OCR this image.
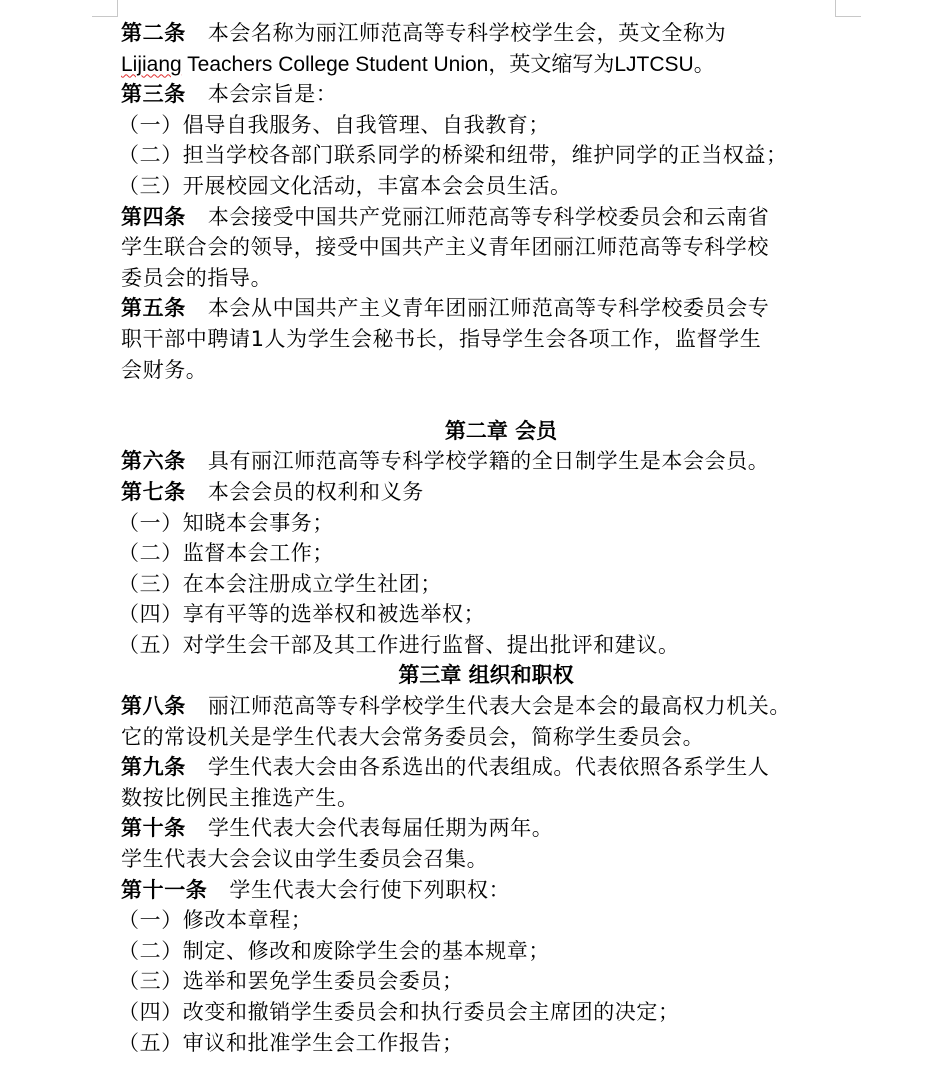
第二条 本会名称为丽江师范高等专科学校学生会，英文全称为
Lijiang Teachers College Student Union，英文缩写为LJTCSU。
第三条 本会宗旨是：
（一）倡导自我服务、自我管理、自我教育；
（二）担当学校各部门联系同学的桥梁和纽带，维护同学的正当权益；
（三）开展校园文化活动，丰富本会会员生活。
第四条 本会接受中国共产党丽江师范高等专科学校委员会和云南省
学生联合会的领导，接受中国共产主义青年团丽江师范高等专科学校
委员会的指导。
第五条 本会从中国共产主义青年团丽江师范高等专科学校委员会专
职干部中聘请1人为学生会秘书长，指导学生会各项工作，监督学生
会财务。
第二章 会员
第六条 具有丽江师范高等专科学校学籍的全日制学生是本会会员。
第七条 本会会员的权利和义务
（一）知晓本会事务；
（二）监督本会工作；
（三）在本会注册成立学生社团；
（四）享有平等的选举权和被选举权；
（五）对学生会干部及其工作进行监督、提出批评和建议。
第三章 组织和职权
第八条 丽江师范高等专科学校学生代表大会是本会的最高权力机关。
它的常设机关是学生代表大会常务委员会，简称学生委员会。
第九条 学生代表大会由各系选出的代表组成。代表依照各系学生人
数按比例民主推选产生。
第十条 学生代表大会代表每届任期为两年。
学生代表大会会议由学生委员会召集。
第十一条 学生代表大会行使下列职权：
（一）修改本章程；
（二）制定、修改和废除学生会的基本规章；
（三）选举和罢免学生委员会委员；
（四）改变和撤销学生委员会和执行委员会主席团的决定；
（五）审议和批准学生会工作报告；
